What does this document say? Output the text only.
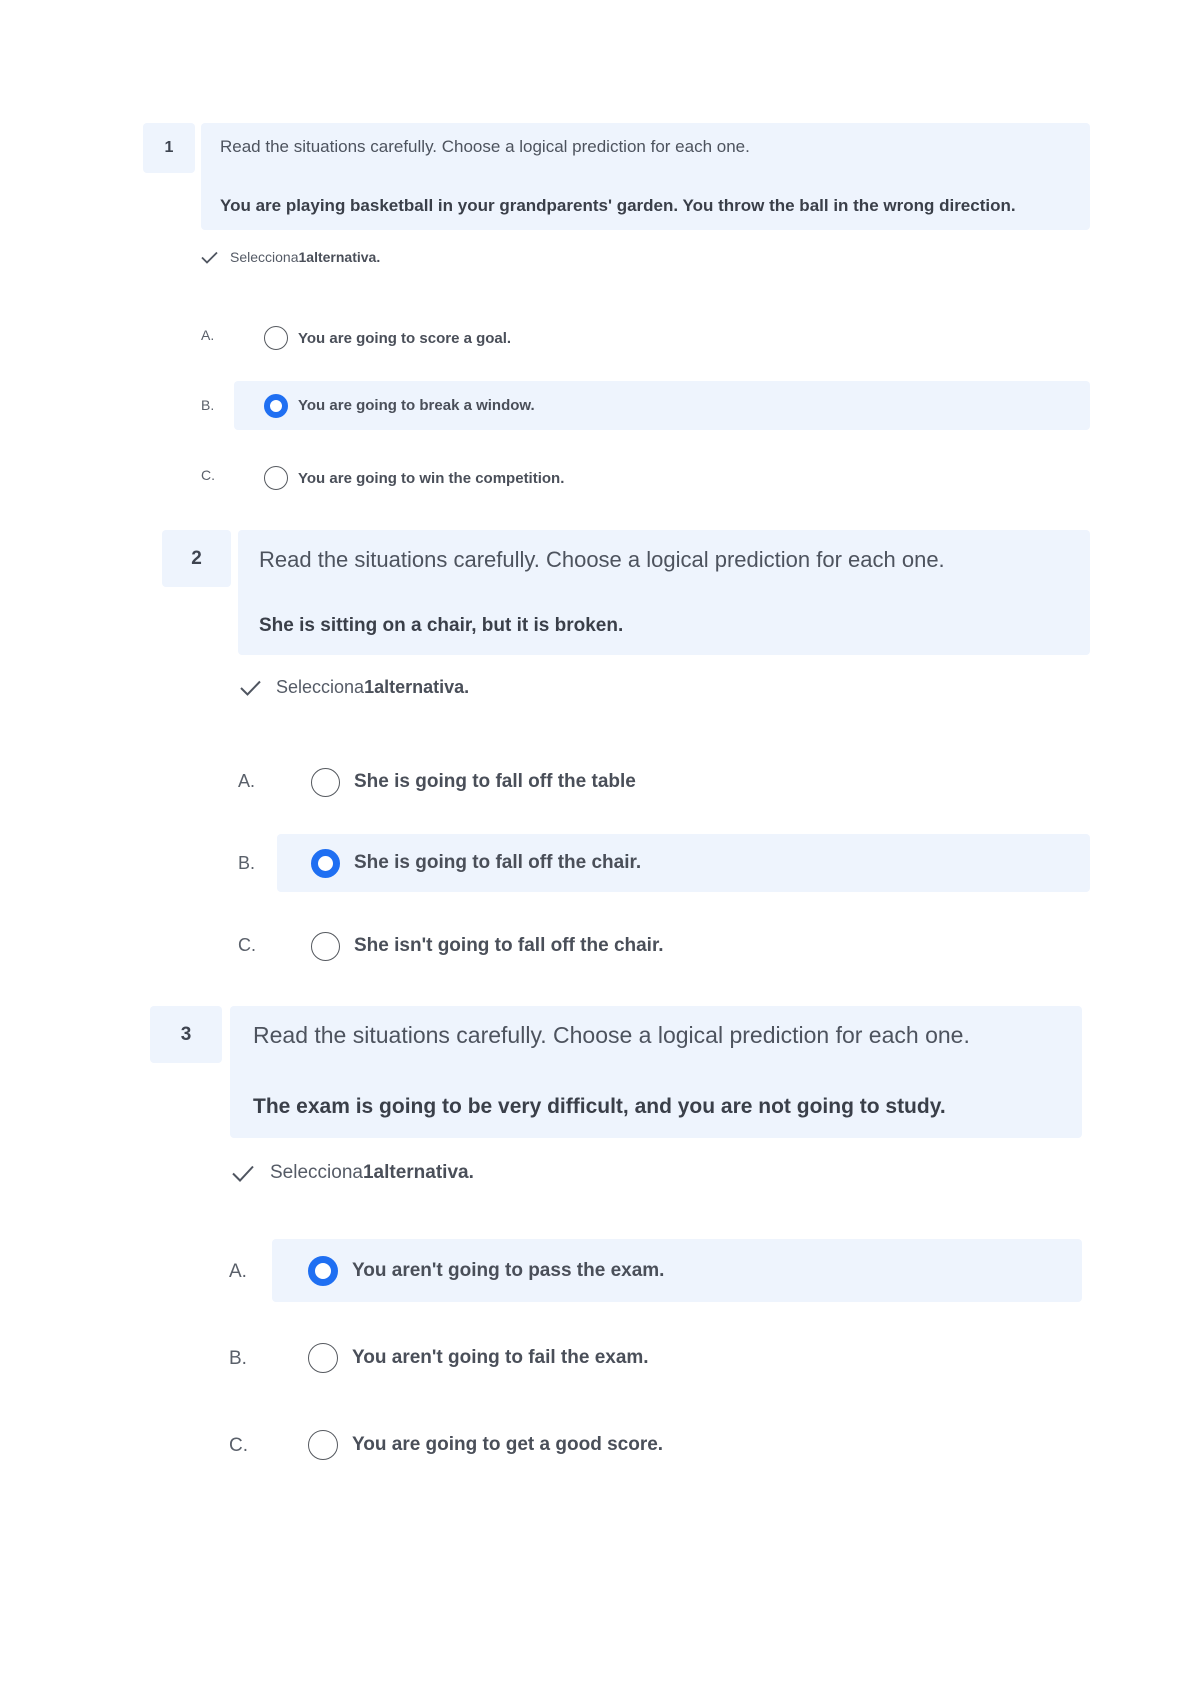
1	Read the situations carefully. Choose a logical prediction for each one.
You are playing basketball in your grandparents' garden. You throw the ball in the wrong direction.
Selecciona 1 alternativa.
A.	You are going to score a goal.
B.	You are going to break a window.
C.	You are going to win the competition.
2	Read the situations carefully. Choose a logical prediction for each one.
She is sitting on a chair, but it is broken.
Selecciona 1 alternativa.
A.	She is going to fall off the table
B.	She is going to fall off the chair.
C.	She isn't going to fall off the chair.
3	Read the situations carefully. Choose a logical prediction for each one.
The exam is going to be very difficult, and you are not going to study.
Selecciona 1 alternativa.
A.	You aren't going to pass the exam.
B.	You aren't going to fail the exam.
C.	You are going to get a good score.
